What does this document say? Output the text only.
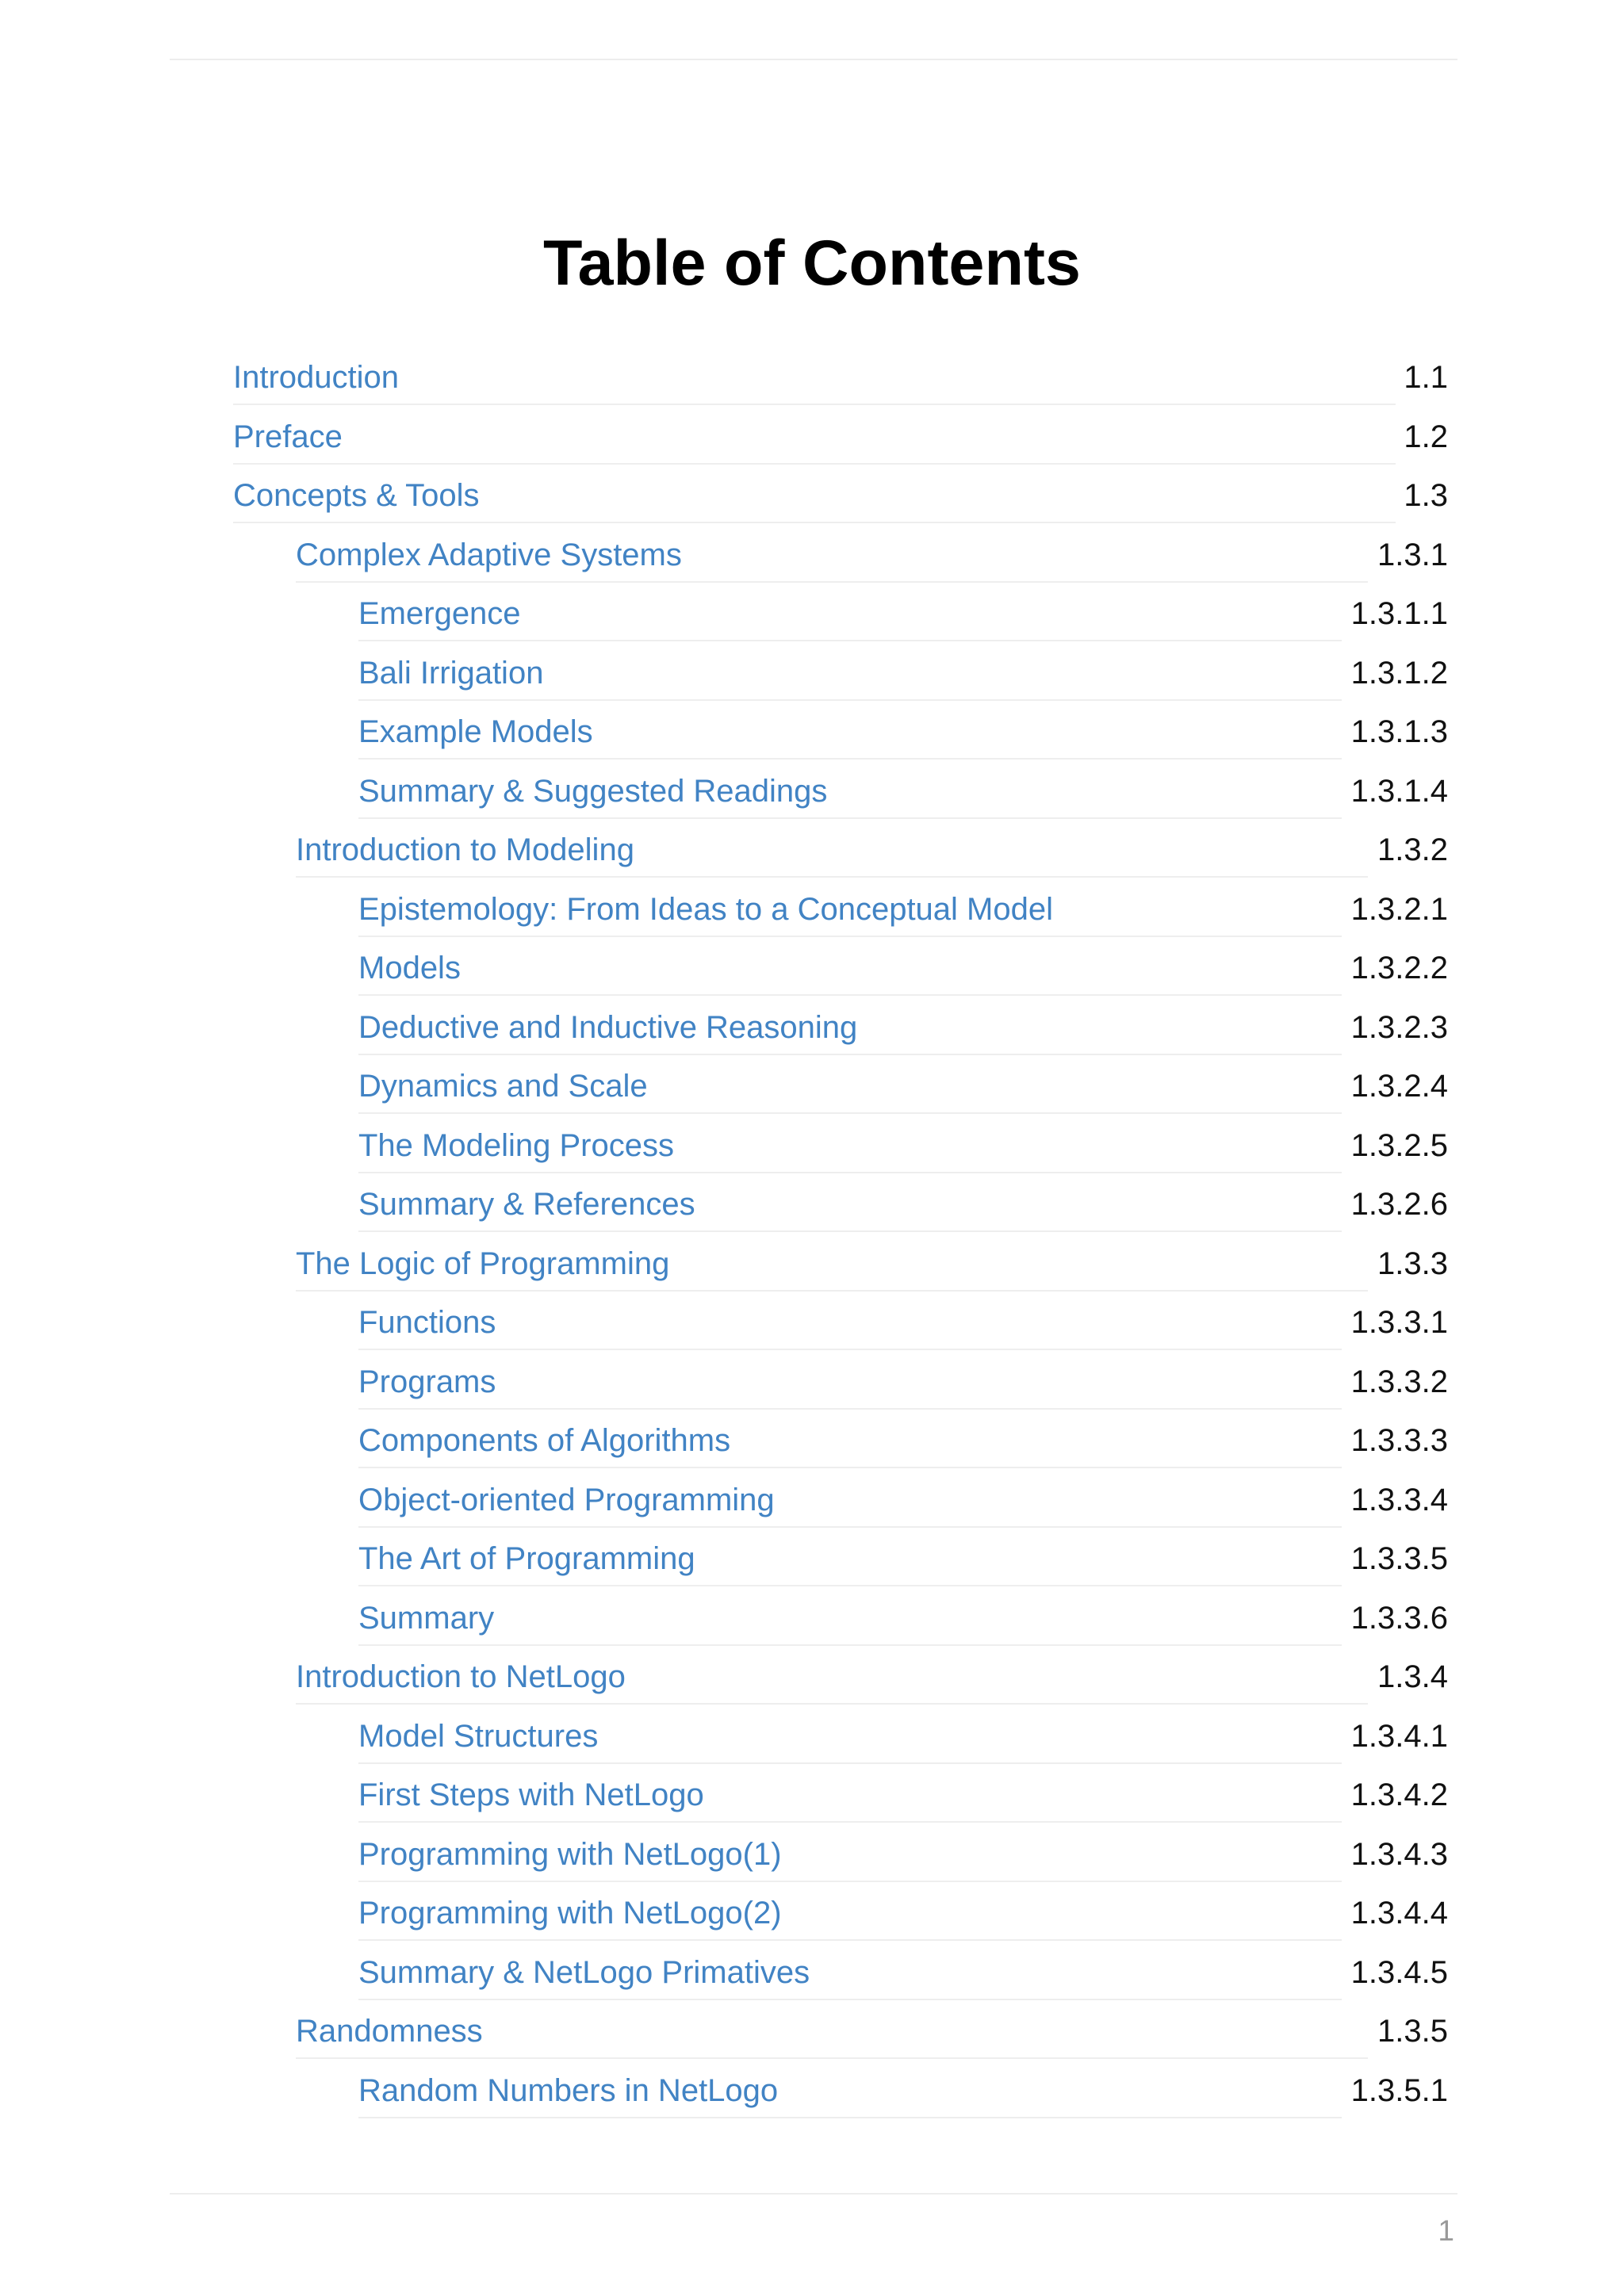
Table of Contents
Introduction	1.1
Preface	1.2
Concepts & Tools	1.3
Complex Adaptive Systems	1.3.1
Emergence	1.3.1.1
Bali Irrigation	1.3.1.2
Example Models	1.3.1.3
Summary & Suggested Readings	1.3.1.4
Introduction to Modeling	1.3.2
Epistemology: From Ideas to a Conceptual Model	1.3.2.1
Models	1.3.2.2
Deductive and Inductive Reasoning	1.3.2.3
Dynamics and Scale	1.3.2.4
The Modeling Process	1.3.2.5
Summary & References	1.3.2.6
The Logic of Programming	1.3.3
Functions	1.3.3.1
Programs	1.3.3.2
Components of Algorithms	1.3.3.3
Object-oriented Programming	1.3.3.4
The Art of Programming	1.3.3.5
Summary	1.3.3.6
Introduction to NetLogo	1.3.4
Model Structures	1.3.4.1
First Steps with NetLogo	1.3.4.2
Programming with NetLogo(1)	1.3.4.3
Programming with NetLogo(2)	1.3.4.4
Summary & NetLogo Primatives	1.3.4.5
Randomness	1.3.5
Random Numbers in NetLogo	1.3.5.1
1
